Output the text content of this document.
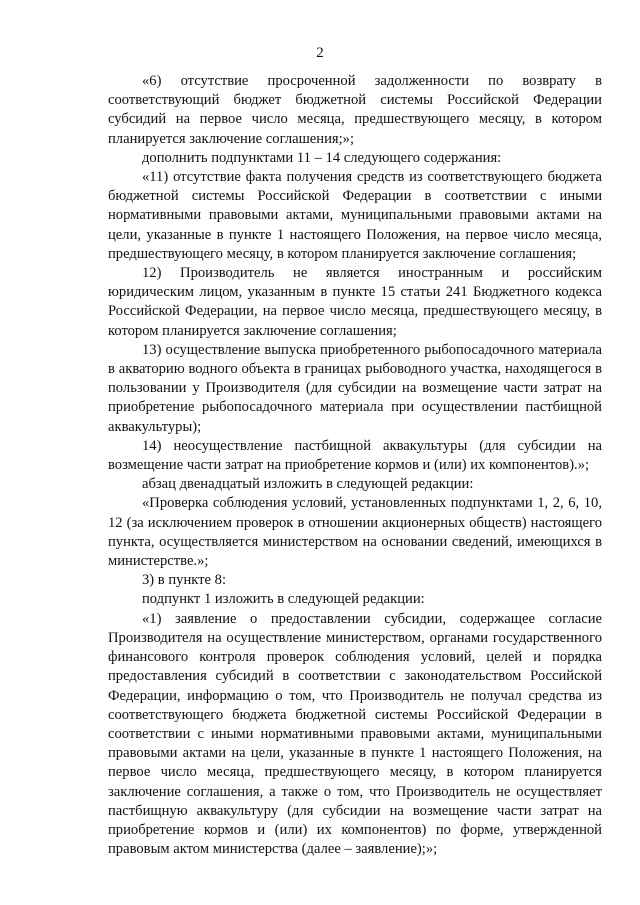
2

«6) отсутствие просроченной задолженности по возврату в соответствующий бюджет бюджетной системы Российской Федерации субсидий на первое число месяца, предшествующего месяцу, в котором планируется заключение соглашения;»;

дополнить подпунктами 11 – 14 следующего содержания:

«11) отсутствие факта получения средств из соответствующего бюджета бюджетной системы Российской Федерации в соответствии с иными нормативными правовыми актами, муниципальными правовыми актами на цели, указанные в пункте 1 настоящего Положения, на первое число месяца, предшествующего месяцу, в котором планируется заключение соглашения;

12) Производитель не является иностранным и российским юридическим лицом, указанным в пункте 15 статьи 241 Бюджетного кодекса Российской Федерации, на первое число месяца, предшествующего месяцу, в котором планируется заключение соглашения;

13) осуществление выпуска приобретенного рыбопосадочного материала в акваторию водного объекта в границах рыбоводного участка, находящегося в пользовании у Производителя (для субсидии на возмещение части затрат на приобретение рыбопосадочного материала при осуществлении пастбищной аквакультуры);

14) неосуществление пастбищной аквакультуры (для субсидии на возмещение части затрат на приобретение кормов и (или) их компонентов).»;

абзац двенадцатый изложить в следующей редакции:

«Проверка соблюдения условий, установленных подпунктами 1, 2, 6, 10, 12 (за исключением проверок в отношении акционерных обществ) настоящего пункта, осуществляется министерством на основании сведений, имеющихся в министерстве.»;

3) в пункте 8:

подпункт 1 изложить в следующей редакции:

«1) заявление о предоставлении субсидии, содержащее согласие Производителя на осуществление министерством, органами государственного финансового контроля проверок соблюдения условий, целей и порядка предоставления субсидий в соответствии с законодательством Российской Федерации, информацию о том, что Производитель не получал средства из соответствующего бюджета бюджетной системы Российской Федерации в соответствии с иными нормативными правовыми актами, муниципальными правовыми актами на цели, указанные в пункте 1 настоящего Положения, на первое число месяца, предшествующего месяцу, в котором планируется заключение соглашения, а также о том, что Производитель не осуществляет пастбищную аквакультуру (для субсидии на возмещение части затрат на приобретение кормов и (или) их компонентов) по форме, утвержденной правовым актом министерства (далее – заявление);»;
